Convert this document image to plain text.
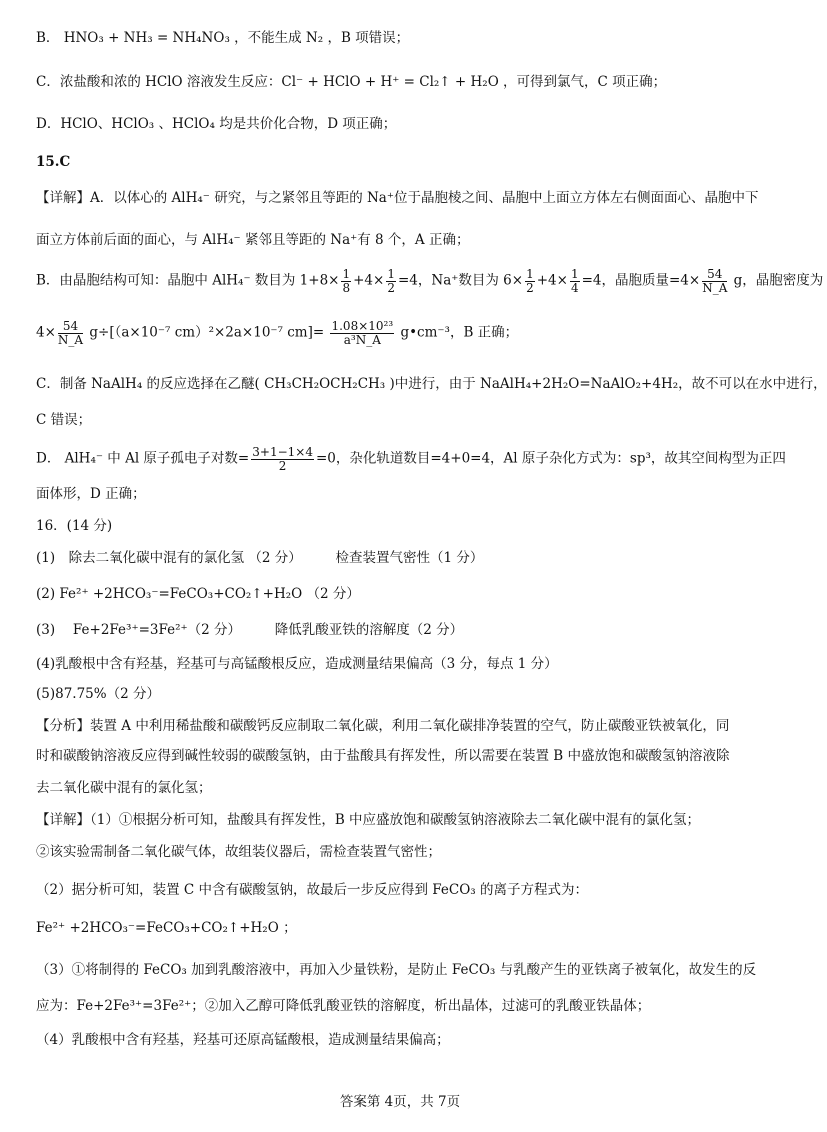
B． HNO₃ + NH₃ = NH₄NO₃ ，不能生成 N₂ ，B 项错误；
C．浓盐酸和浓的 HClO 溶液发生反应：Cl⁻ + HClO + H⁺ = Cl₂↑ + H₂O ，可得到氯气，C 项正确；
D．HClO、HClO₃ 、HClO₄ 均是共价化合物，D 项正确；
15.C
【详解】A．以体心的 AlH₄⁻ 研究，与之紧邻且等距的 Na⁺位于晶胞棱之间、晶胞中上面立方体左右侧面面心、晶胞中下
面立方体前后面的面心，与 AlH₄⁻ 紧邻且等距的 Na⁺有 8 个，A 正确；
B．由晶胞结构可知：晶胞中 AlH₄⁻ 数目为 $1+8\times \frac{1}{8} +4\times \frac{1}{2} =4$，Na⁺数目为 $6\times \frac{1}{2} +4\times \frac{1}{4} =4$，晶胞质量$=4\times \frac{54}{N\_A}$ g，晶胞密度为
$4\times \frac{54}{N\_A} g\div[(a\times 10^{-7}$ cm）²×2a×10⁻⁷ $cm]= \frac{\text{1.08×10²³}}{\text{a³N\_A}}$ g•cm⁻³，B 正确；
C．制备 NaAlH₄ 的反应选择在乙醚( CH₃CH₂OCH₂CH₃ )中进行，由于 NaAlH₄+2H₂O=NaAlO₂+4H₂，故不可以在水中进行，
C 错误；
D． AlH₄⁻ 中 Al 原子孤电子对数= $\frac{3+1-1\times 4}{2} =0$，杂化轨道数目=4+0=4，Al 原子杂化方式为：sp³，故其空间构型为正四
面体形，D 正确；
16．(14 分)
(1)　除去二氧化碳中混有的氯化氢 （2 分）　　　检查装置气密性（1 分）
(2) Fe²⁺ +2HCO₃⁻=FeCO₃+CO₂↑+H₂O （2 分）
(3)　 Fe+2Fe³⁺=3Fe²⁺（2 分）　　　降低乳酸亚铁的溶解度（2 分）
(4)乳酸根中含有羟基，羟基可与高锰酸根反应，造成测量结果偏高（3 分，每点 1 分）
(5)87.75%（2 分）
【分析】装置 A 中利用稀盐酸和碳酸钙反应制取二氧化碳，利用二氧化碳排净装置的空气，防止碳酸亚铁被氧化，同
时和碳酸钠溶液反应得到碱性较弱的碳酸氢钠，由于盐酸具有挥发性，所以需要在装置 B 中盛放饱和碳酸氢钠溶液除
去二氧化碳中混有的氯化氢；
【详解】（1）①根据分析可知，盐酸具有挥发性，B 中应盛放饱和碳酸氢钠溶液除去二氧化碳中混有的氯化氢；
②该实验需制备二氧化碳气体，故组装仪器后，需检查装置气密性；
（2）据分析可知，装置 C 中含有碳酸氢钠，故最后一步反应得到 FeCO₃ 的离子方程式为：
Fe²⁺ +2HCO₃⁻=FeCO₃+CO₂↑+H₂O ；
（3）①将制得的 FeCO₃ 加到乳酸溶液中，再加入少量铁粉，是防止 FeCO₃ 与乳酸产生的亚铁离子被氧化，故发生的反
应为：Fe+2Fe³⁺=3Fe²⁺；②加入乙醇可降低乳酸亚铁的溶解度，析出晶体，过滤可的乳酸亚铁晶体；
（4）乳酸根中含有羟基，羟基可还原高锰酸根，造成测量结果偏高；
答案第 4页，共 7页
